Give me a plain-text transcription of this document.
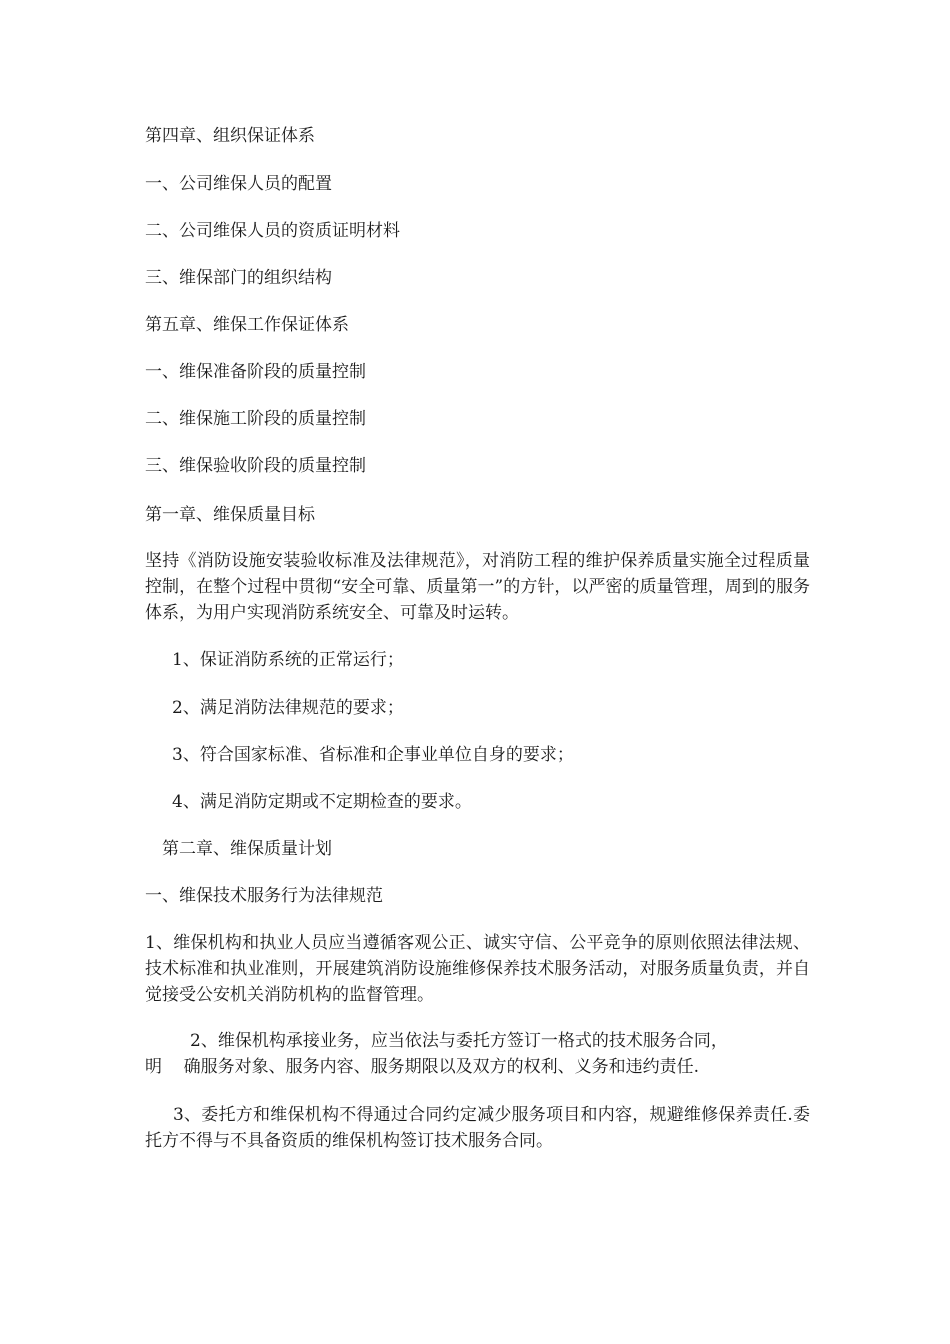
第四章、组织保证体系

一、公司维保人员的配置

二、公司维保人员的资质证明材料

三、维保部门的组织结构

第五章、维保工作保证体系

一、维保准备阶段的质量控制

二、维保施工阶段的质量控制

三、维保验收阶段的质量控制

第一章、维保质量目标

坚持《消防设施安装验收标准及法律规范》，对消防工程的维护保养质量实施全过程质量控制，在整个过程中贯彻“安全可靠、质量第一”的方针，以严密的质量管理，周到的服务体系，为用户实现消防系统安全、可靠及时运转。

1、保证消防系统的正常运行；

2、满足消防法律规范的要求；

3、符合国家标准、省标准和企事业单位自身的要求；

4、满足消防定期或不定期检查的要求。

第二章、维保质量计划

一、维保技术服务行为法律规范

1、维保机构和执业人员应当遵循客观公正、诚实守信、公平竞争的原则依照法律法规、技术标准和执业准则，开展建筑消防设施维修保养技术服务活动，对服务质量负责，并自觉接受公安机关消防机构的监督管理。

2、维保机构承接业务，应当依法与委托方签订一格式的技术服务合同，

明    确服务对象、服务内容、服务期限以及双方的权利、义务和违约责任.

3、委托方和维保机构不得通过合同约定减少服务项目和内容，规避维修保养责任.委托方不得与不具备资质的维保机构签订技术服务合同。
